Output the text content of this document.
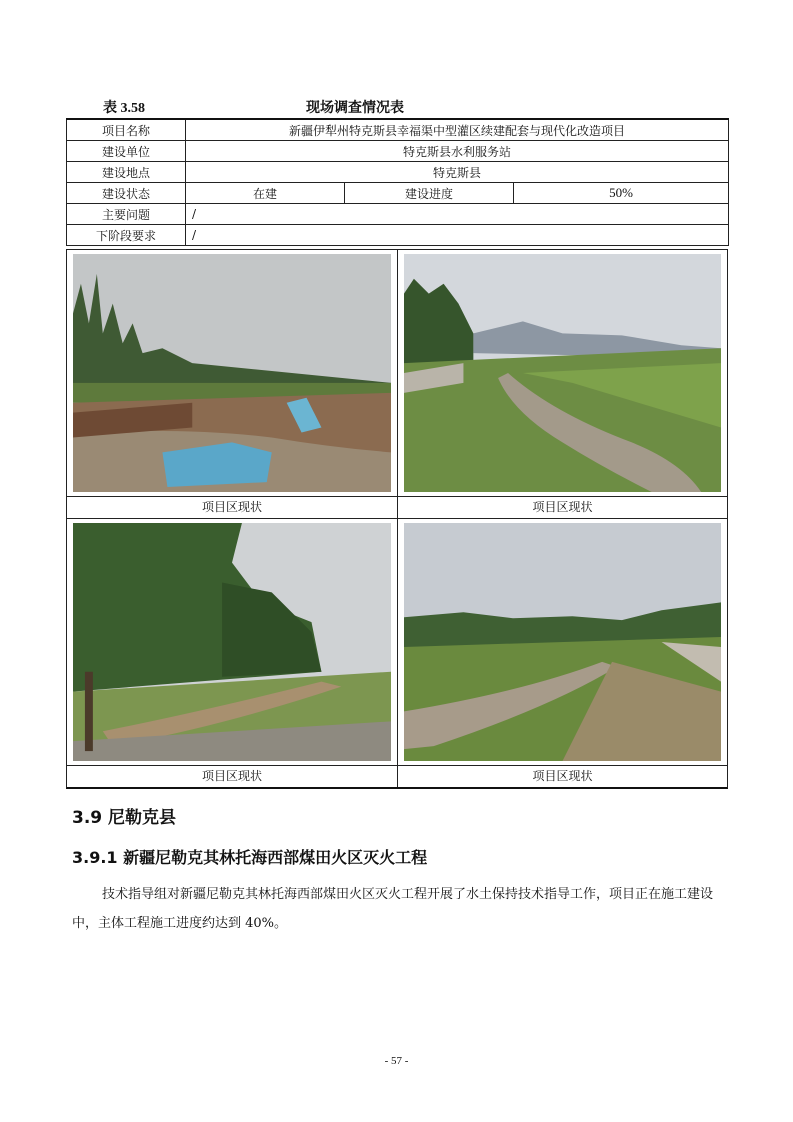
表 3.58	现场调查情况表
项目名称	新疆伊犁州特克斯县幸福渠中型灌区续建配套与现代化改造项目		
建设单位	特克斯县水利服务站		
建设地点	特克斯县		
建设状态	在建	建设进度	50%
主要问题	/		
下阶段要求	/		
项目区现状	项目区现状
项目区现状	项目区现状
3.9 尼勒克县
3.9.1 新疆尼勒克其林托海西部煤田火区灭火工程
技术指导组对新疆尼勒克其林托海西部煤田火区灭火工程开展了水土保持技术指导工作，项目正在施工建设中，主体工程施工进度约达到 40%。
- 57 -
